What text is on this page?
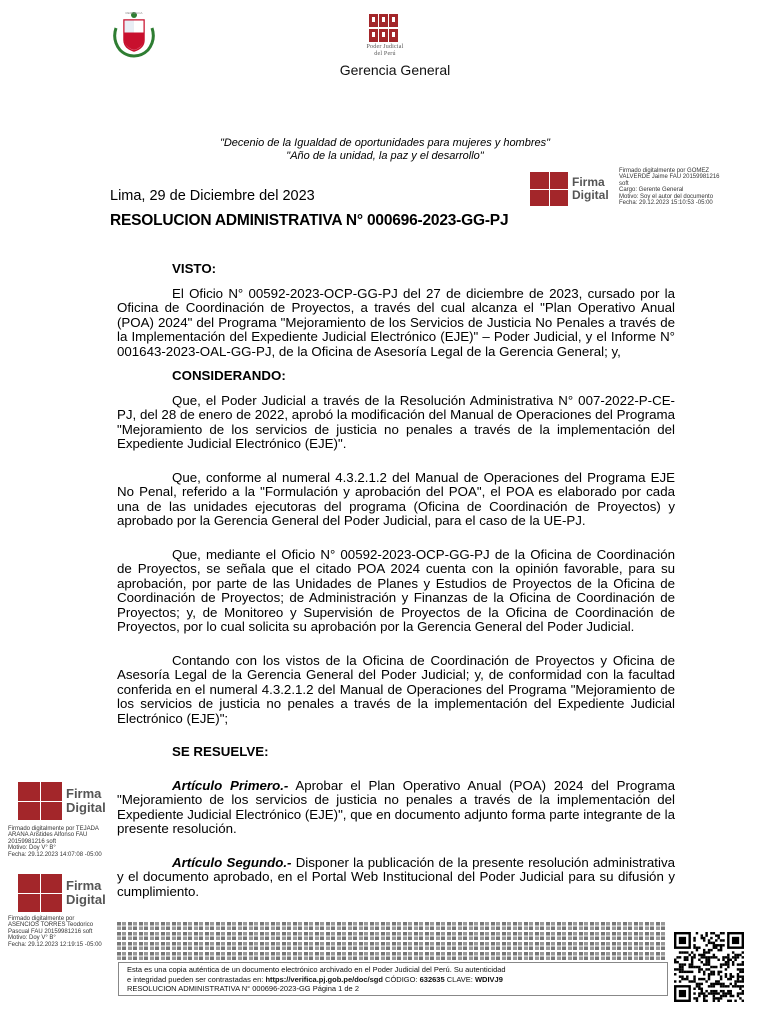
REPUBLICA
Poder Judicial
del Perú
Gerencia General
"Decenio de la Igualdad de oportunidades para mujeres y hombres"
"Año de la unidad, la paz y el desarrollo"
Lima, 29 de Diciembre del 2023
RESOLUCION ADMINISTRATIVA N° 000696-2023-GG-PJ
Firma
Digital
Firmado digitalmente por GOMEZ
VALVERDE Jaime FAU 20159981216
soft
Cargo: Gerente General
Motivo: Soy el autor del documento
Fecha: 29.12.2023 15:10:53 -05:00
VISTO:

El Oficio N° 00592-2023-OCP-GG-PJ del 27 de diciembre de 2023, cursado por la Oficina de Coordinación de Proyectos, a través del cual alcanza el "Plan Operativo Anual (POA) 2024" del Programa "Mejoramiento de los Servicios de Justicia No Penales a través de la Implementación del Expediente Judicial Electrónico (EJE)" – Poder Judicial, y el Informe N° 001643-2023-OAL-GG-PJ, de la Oficina de Asesoría Legal de la Gerencia General; y,

CONSIDERANDO:

Que, el Poder Judicial a través de la Resolución Administrativa N° 007-2022-P-CE-PJ, del 28 de enero de 2022, aprobó la modificación del Manual de Operaciones del Programa "Mejoramiento de los servicios de justicia no penales a través de la implementación del Expediente Judicial Electrónico (EJE)".

Que, conforme al numeral 4.3.2.1.2 del Manual de Operaciones del Programa EJE No Penal, referido a la "Formulación y aprobación del POA", el POA es elaborado por cada una de las unidades ejecutoras del programa (Oficina de Coordinación de Proyectos) y aprobado por la Gerencia General del Poder Judicial, para el caso de la UE-PJ.

Que, mediante el Oficio N° 00592-2023-OCP-GG-PJ de la Oficina de Coordinación de Proyectos, se señala que el citado POA 2024 cuenta con la opinión favorable, para su aprobación, por parte de las Unidades de Planes y Estudios de Proyectos de la Oficina de Coordinación de Proyectos; de Administración y Finanzas de la Oficina de Coordinación de Proyectos; y, de Monitoreo y Supervisión de Proyectos de la Oficina de Coordinación de Proyectos, por lo cual solicita su aprobación por la Gerencia General del Poder Judicial.

Contando con los vistos de la Oficina de Coordinación de Proyectos y Oficina de Asesoría Legal de la Gerencia General del Poder Judicial; y, de conformidad con la facultad conferida en el numeral 4.3.2.1.2 del Manual de Operaciones del Programa "Mejoramiento de los servicios de justicia no penales a través de la implementación del Expediente Judicial Electrónico (EJE)";

SE RESUELVE:

Artículo Primero.- Aprobar el Plan Operativo Anual (POA) 2024 del Programa "Mejoramiento de los servicios de justicia no penales a través de la implementación del Expediente Judicial Electrónico (EJE)", que en documento adjunto forma parte integrante de la presente resolución.

Artículo Segundo.- Disponer la publicación de la presente resolución administrativa y el documento aprobado, en el Portal Web Institucional del Poder Judicial para su difusión y cumplimiento.

Firma
Digital
Firmado digitalmente por TEJADA
ARANA Aristides Alfonso FAU
20159981216 soft
Motivo: Doy V° B°
Fecha: 29.12.2023 14:07:08 -05:00
Firma
Digital
Firmado digitalmente por
ASENCIOS TORRES Teodorico
Pascual FAU 20159981216 soft
Motivo: Doy V° B°
Fecha: 29.12.2023 12:19:15 -05:00
Esta es una copia auténtica de un documento electrónico archivado en el Poder Judicial del Perú. Su autenticidad
e integridad pueden ser contrastadas en: https://verifica.pj.gob.pe/doc/sgd CÓDIGO: 632635 CLAVE: WDIVJ9
RESOLUCION ADMINISTRATIVA N° 000696-2023-GG Página 1 de 2
